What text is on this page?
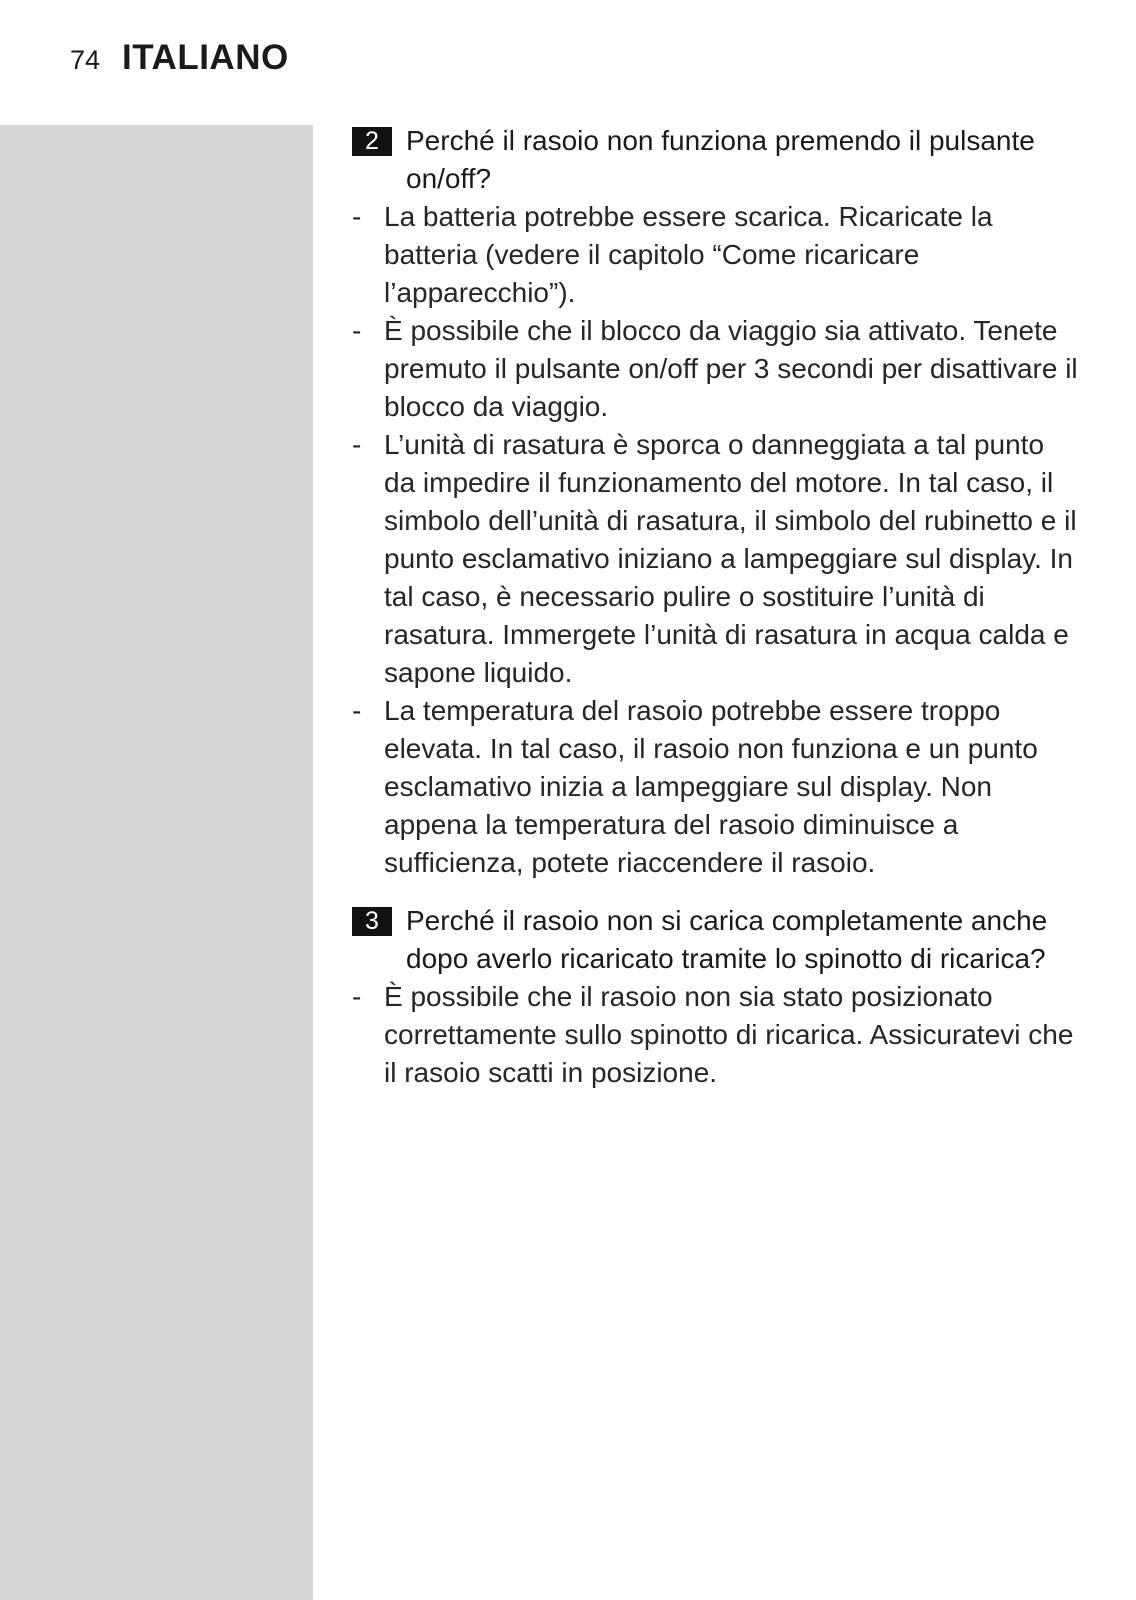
74 ITALIANO

2 Perché il rasoio non funziona premendo il pulsante on/off?

- La batteria potrebbe essere scarica. Ricaricate la batteria (vedere il capitolo “Come ricaricare l’apparecchio”).
- È possibile che il blocco da viaggio sia attivato. Tenete premuto il pulsante on/off per 3 secondi per disattivare il blocco da viaggio.
- L’unità di rasatura è sporca o danneggiata a tal punto da impedire il funzionamento del motore. In tal caso, il simbolo dell’unità di rasatura, il simbolo del rubinetto e il punto esclamativo iniziano a lampeggiare sul display. In tal caso, è necessario pulire o sostituire l’unità di rasatura. Immergete l’unità di rasatura in acqua calda e sapone liquido.
- La temperatura del rasoio potrebbe essere troppo elevata. In tal caso, il rasoio non funziona e un punto esclamativo inizia a lampeggiare sul display. Non appena la temperatura del rasoio diminuisce a sufficienza, potete riaccendere il rasoio.

3 Perché il rasoio non si carica completamente anche dopo averlo ricaricato tramite lo spinotto di ricarica?

- È possibile che il rasoio non sia stato posizionato correttamente sullo spinotto di ricarica. Assicuratevi che il rasoio scatti in posizione.
